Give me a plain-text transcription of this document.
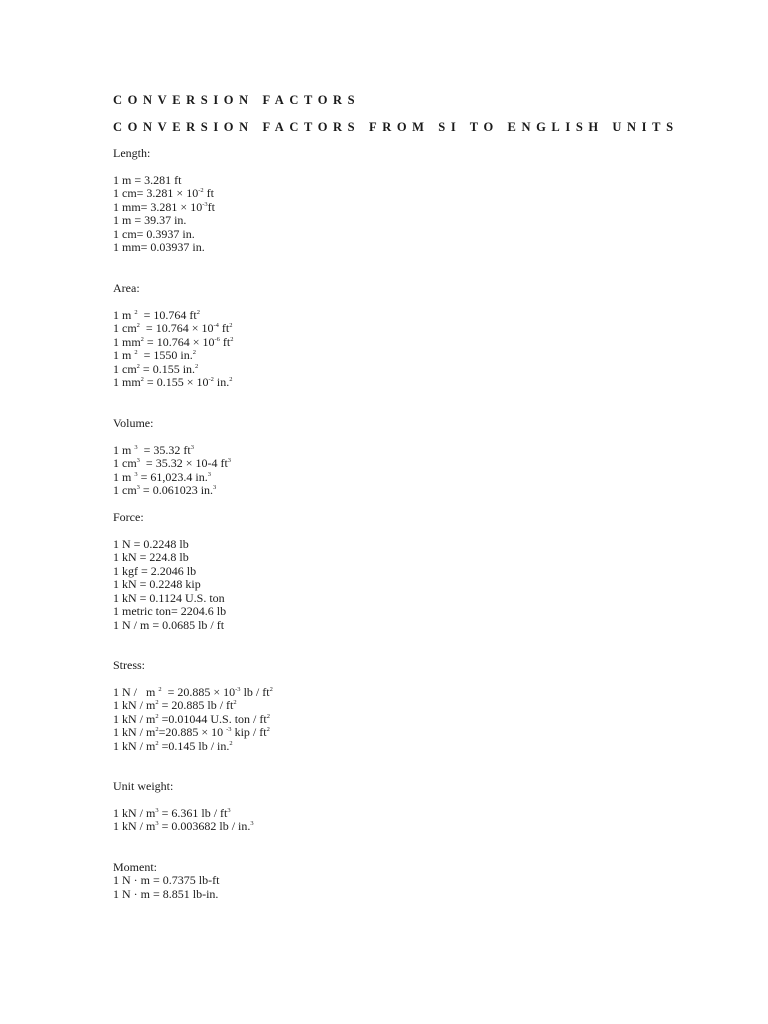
CONVERSION FACTORS
CONVERSION FACTORS FROM SI TO ENGLISH UNITS
Length:
1 m = 3.281 ft
1 $cm= 3.281 \times 10^{-2}$ ft
1 $mm= 3.281 \times 10^{-3}ft$
1 m = 39.37 in.
1 cm= 0.3937 in.
1 mm= 0.03937 in.
Area:
1 m $^2$  = 10.764 $ft^2$
1 $cm^2 = 10.764 \times 10^{-4}$ $ft^2$
1 $mm^2 = 10.764 \times 10^{-6}$ $ft^2$
1 m $^2$  = 1550 in.$^2$
1 $cm^2 = 0.155$ in.$^2$
1 $mm^2 = 0.155 \times 10^{-2}$ in.$^2$
Volume:
1 m $^3$  = 35.32 $ft^3$
1 $cm^3 = 35.32 \times 10-4$ $ft^3$
1 m $^3$ = 61,023.4 in.$^3$
1 $cm^3 = 0.061023$ in.$^3$
Force:
1 N = 0.2248 lb
1 kN = 224.8 lb
1 kgf = 2.2046 lb
1 kN = 0.2248 kip
1 kN = 0.1124 U.S. ton
1 metric ton= 2204.6 lb
1 N / m = 0.0685 lb / ft
Stress:
1 N /   m $^2 = 20.885 \times 10^{-3}$ lb / $ft^2$
1 kN / $m^2 = 20.885$ lb / $ft^2$
1 kN / $m^2 =0.01044$ U.S. ton / $ft^2$
1 kN / $m^2=20.885 \times 10$ $^{-3}$ kip / $ft^2$
1 kN / $m^2 =0.145$ lb / in.$^2$
Unit weight:
1 kN / $m^3 = 6.361$ lb / $ft^3$
1 kN / $m^3 = 0.003682$ lb / in.$^3$
Moment:
1 N · m = 0.7375 lb-ft
1 N · m = 8.851 lb-in.
